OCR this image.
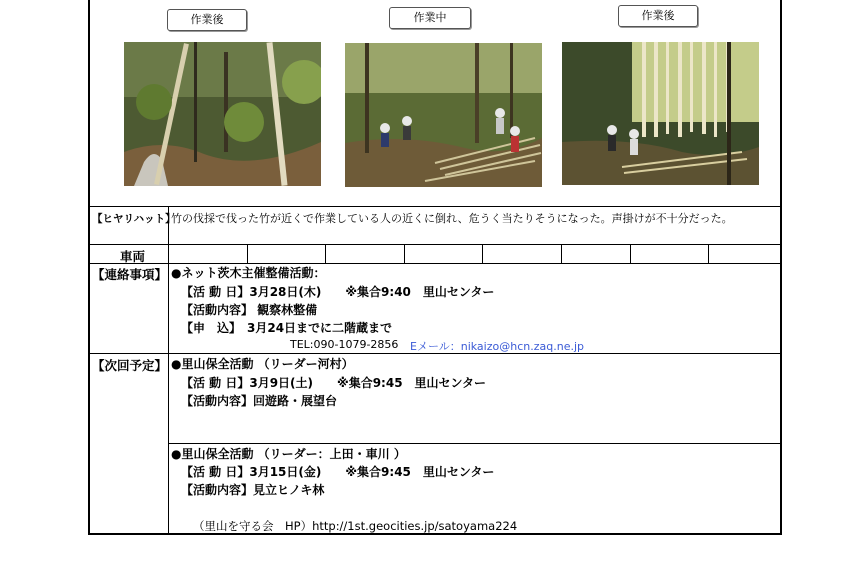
作業後	作業中	作業後
【ヒヤリハット】
竹の伐採で伐った竹が近くで作業している人の近くに倒れ、危うく当たりそうになった。声掛けが不十分だった。
車両
【連絡事項】 ●ネット茨木主催整備活動：
【活 動 日】3月28日(木)　　※集合9:40　里山センター
【活動内容】 観察林整備
【申　込】　3月24日までに二階蔵まで
TEL:090-1079-2856 Eメール：nikaizo@hcn.zaq.ne.jp
【次回予定】 ●里山保全活動 （リーダー河村）
【活 動 日】3月9日(土)　　※集合9:45　里山センター
【活動内容】回遊路・展望台
●里山保全活動 （リーダー：上田・車川 ）
【活 動 日】3月15日(金)　　※集合9:45　里山センター
【活動内容】見立ヒノキ林
（里山を守る会　HP）http://1st.geocities.jp/satoyama224
